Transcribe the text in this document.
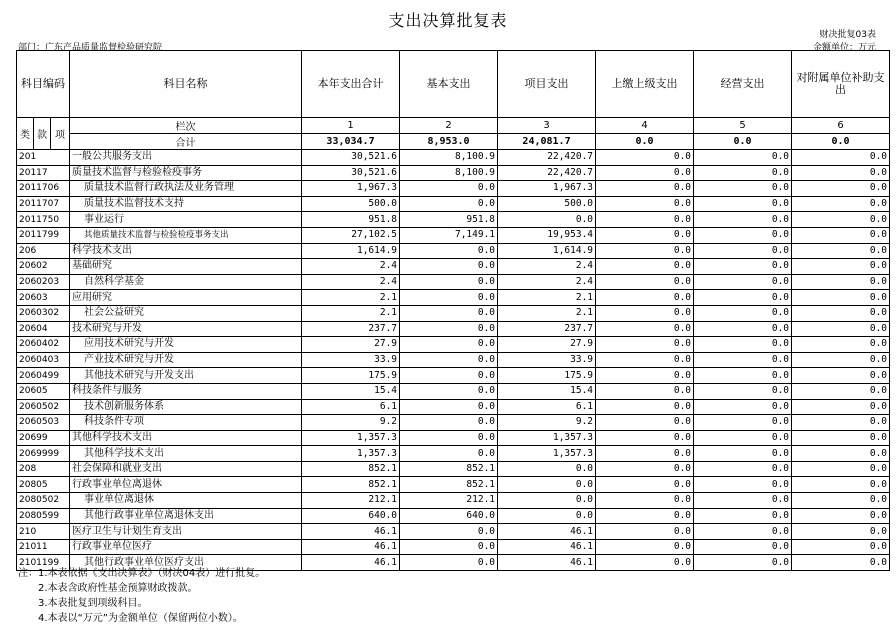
支出决算批复表
财决批复03表
部门：广东产品质量监督检验研究院	金额单位：万元
科目编码			科目名称	本年支出合计	基本支出	项目支出	上缴上级支出	经营支出	对附属单位补助支出
类	款	项	栏次	1	2	3	4	5	6
			合计	33,034.7	8,953.0	24,081.7	0.0	0.0	0.0
201			一般公共服务支出	30,521.6	8,100.9	22,420.7	0.0	0.0	0.0
20117			质量技术监督与检验检疫事务	30,521.6	8,100.9	22,420.7	0.0	0.0	0.0
2011706			质量技术监督行政执法及业务管理	1,967.3	0.0	1,967.3	0.0	0.0	0.0
2011707			质量技术监督技术支持	500.0	0.0	500.0	0.0	0.0	0.0
2011750			事业运行	951.8	951.8	0.0	0.0	0.0	0.0
2011799			其他质量技术监督与检验检疫事务支出	27,102.5	7,149.1	19,953.4	0.0	0.0	0.0
206			科学技术支出	1,614.9	0.0	1,614.9	0.0	0.0	0.0
20602			基础研究	2.4	0.0	2.4	0.0	0.0	0.0
2060203			自然科学基金	2.4	0.0	2.4	0.0	0.0	0.0
20603			应用研究	2.1	0.0	2.1	0.0	0.0	0.0
2060302			社会公益研究	2.1	0.0	2.1	0.0	0.0	0.0
20604			技术研究与开发	237.7	0.0	237.7	0.0	0.0	0.0
2060402			应用技术研究与开发	27.9	0.0	27.9	0.0	0.0	0.0
2060403			产业技术研究与开发	33.9	0.0	33.9	0.0	0.0	0.0
2060499			其他技术研究与开发支出	175.9	0.0	175.9	0.0	0.0	0.0
20605			科技条件与服务	15.4	0.0	15.4	0.0	0.0	0.0
2060502			技术创新服务体系	6.1	0.0	6.1	0.0	0.0	0.0
2060503			科技条件专项	9.2	0.0	9.2	0.0	0.0	0.0
20699			其他科学技术支出	1,357.3	0.0	1,357.3	0.0	0.0	0.0
2069999			其他科学技术支出	1,357.3	0.0	1,357.3	0.0	0.0	0.0
208			社会保障和就业支出	852.1	852.1	0.0	0.0	0.0	0.0
20805			行政事业单位离退休	852.1	852.1	0.0	0.0	0.0	0.0
2080502			事业单位离退休	212.1	212.1	0.0	0.0	0.0	0.0
2080599			其他行政事业单位离退休支出	640.0	640.0	0.0	0.0	0.0	0.0
210			医疗卫生与计划生育支出	46.1	0.0	46.1	0.0	0.0	0.0
21011			行政事业单位医疗	46.1	0.0	46.1	0.0	0.0	0.0
2101199			其他行政事业单位医疗支出	46.1	0.0	46.1	0.0	0.0	0.0
注：1.本表依据《支出决算表》（财决04表）进行批复。
2.本表含政府性基金预算财政拨款。
3.本表批复到项级科目。
4.本表以“万元”为金额单位（保留两位小数）。
